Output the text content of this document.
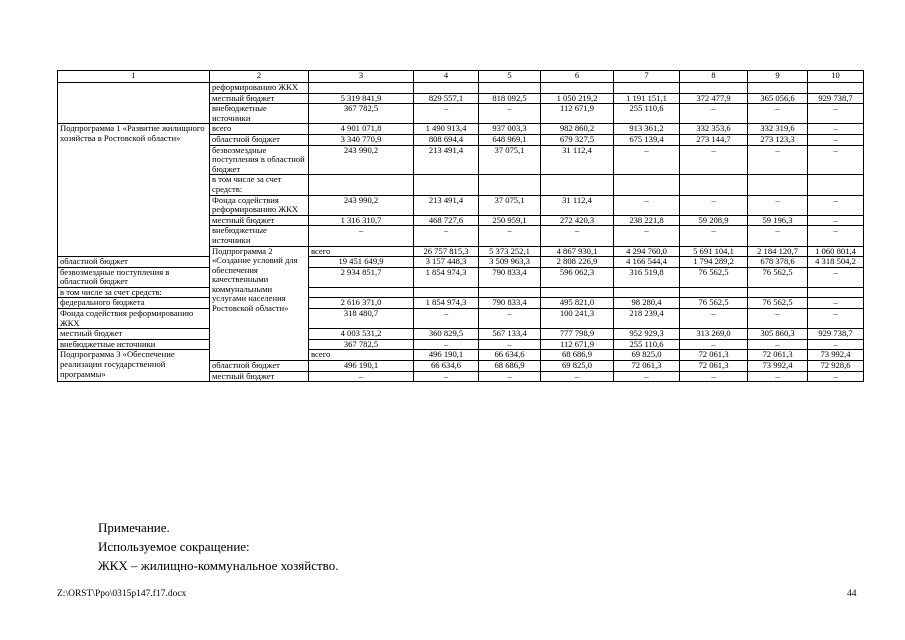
1	2	3	4	5	6	7	8	9	10	
	реформированию ЖКХ									
	местный бюджет	5 319 841,9	829 557,1	818 092,5	1 050 219,2	1 191 151,1	372 477,9	365 056,6	929 738,7	
	внебюджетные источники	367 782,5	–	–	112 671,9	255 110,6	–	–	–	
Подпрограмма 1 «Развитие жилищного хозяйства в Ростовской области»	всего	4 901 071,8	1 490 913,4	937 003,3	982 860,2	913 361,2	332 353,6	332 319,6	–	
	областной бюджет	3 340 770,9	808 694,4	648 969,1	679 327,5	675 139,4	273 144,7	273 123,3	–	
	безвозмездные поступления в областной бюджет	243 990,2	213 491,4	37 075,1	31 112,4	–	–	–	–	
	в том числе за счет средств:									
	Фонда содействия реформированию ЖКХ	243 990,2	213 491,4	37 075,1	31 112,4	–	–	–	–	
	местный бюджет	1 316 310,7	468 727,6	250 959,1	272 420,3	238 221,8	59 208,9	59 196,3	–	
	внебюджетные источники	–	–	–	–	–	–	–	–	
	Подпрограмма 2 «Создание условий для обеспечения качественными коммунальными услугами населения Ростовской области»	всего	26 757 815,3	5 373 252,1	4 867 930,1	4 294 760,0	5 691 104,1	2 184 120,7	1 060 801,4	
областной бюджет		19 451 649,9	3 157 448,3	3 509 963,3	2 808 226,9	4 166 544,4	1 794 289,2	678 378,6	4 318 504,2	
безвозмездные поступления в областной бюджет		2 934 851,7	1 854 974,3	790 833,4	596 062,3	316 519,8	76 562,5	76 562,5	–	
в том числе за счет средств:										
федерального бюджета		2 616 371,0	1 854 974,3	790 833,4	495 821,0	98 280,4	76 562,5	76 562,5	–	
Фонда содействия реформированию ЖКХ		318 480,7	–	–	100 241,3	218 239,4	–	–	–	
местный бюджет		4 003 531,2	360 829,5	567 133,4	777 798,9	952 929,3	313 269,0	305 860,3	929 738,7	
внебюджетные источники		367 782,5	–	–	112 671,9	255 110,6	–	–	–	
Подпрограмма 3 «Обеспечение реализации государственной программы»		всего	496 190,1	66 634,6	68 686,9	69 825,0	72 061,3	72 061,3	73 992,4	
	областной бюджет	496 190,1	66 634,6	68 686,9	69 825,0	72 061,3	72 061,3	73 992,4	72 928,6	
	местный бюджет	–	–	–	–	–	–	–	–	
Примечание.
Используемое сокращение:
ЖКХ – жилищно-коммунальное хозяйство.
Z:\ORST\Ppo\0315p147.f17.docx	44
